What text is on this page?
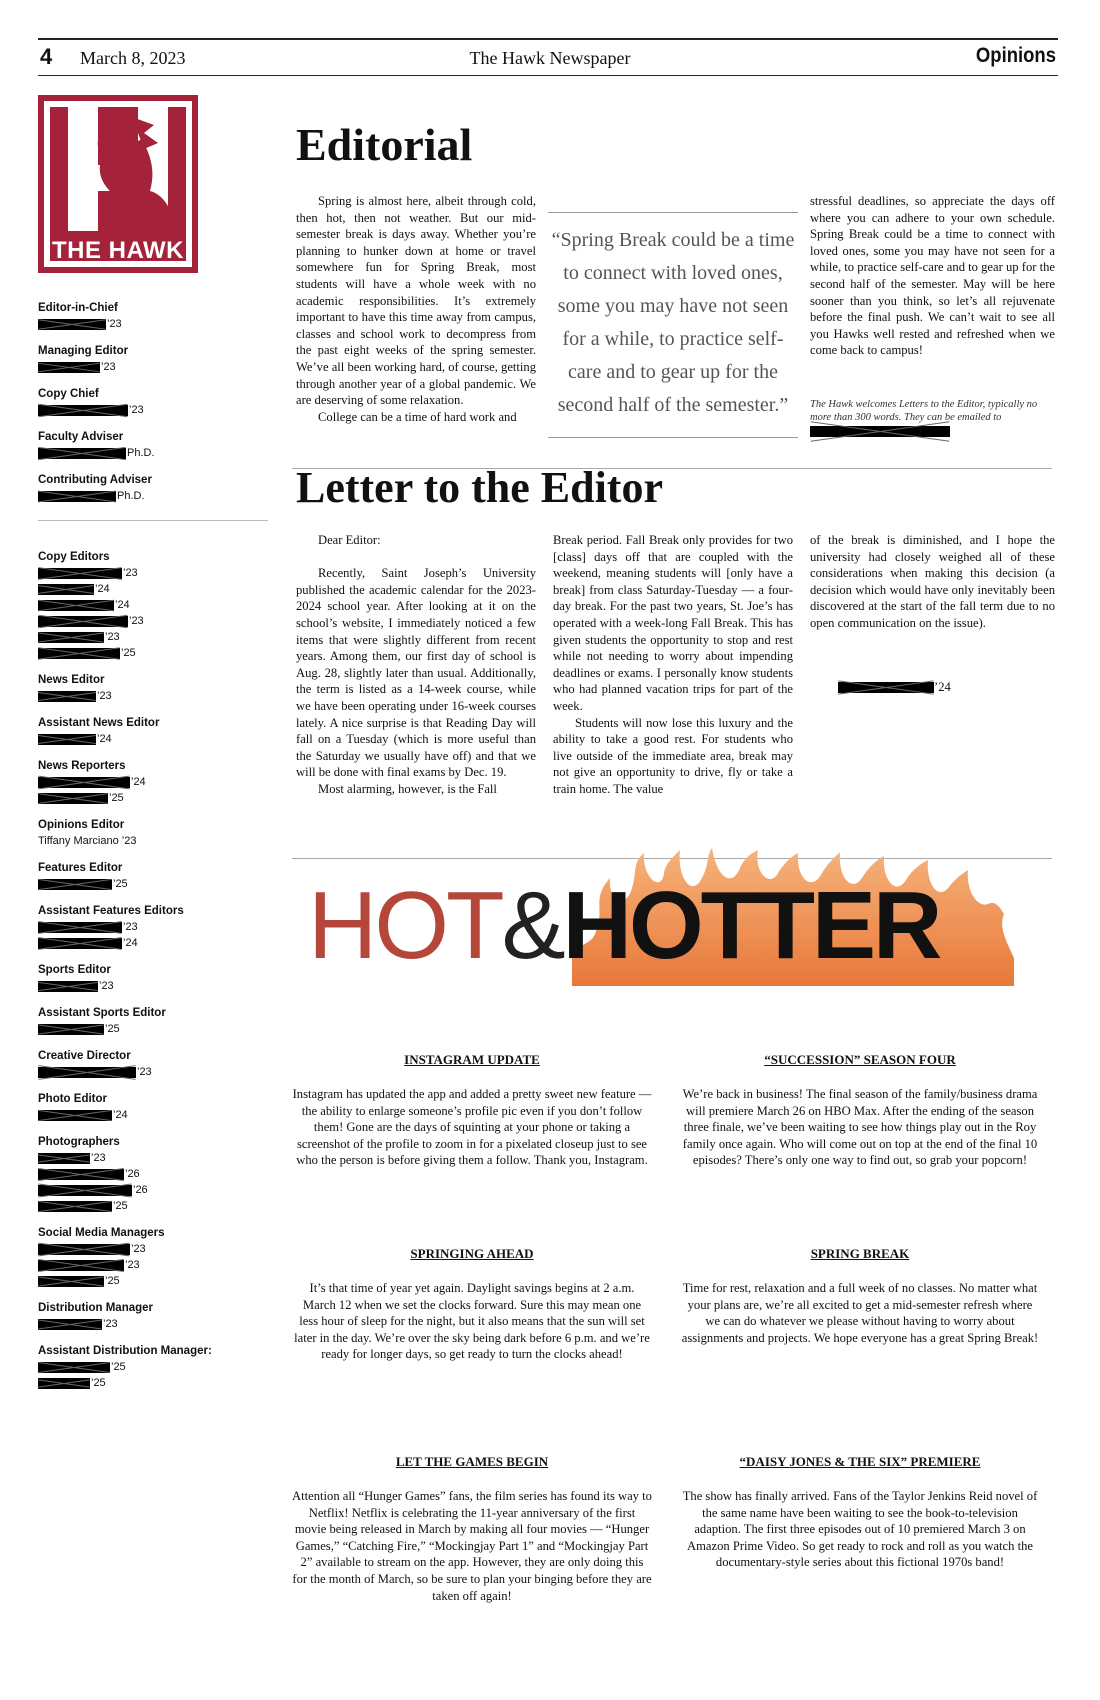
4 March 8, 2023	The Hawk Newspaper	Opinions
THE HAWK
Editor-in-Chief
’23
Managing Editor
’23
Copy Chief
’23
Faculty Adviser
Ph.D.
Contributing Adviser
Ph.D.
Copy Editors
’23
’24
’24
’23
’23
’25
News Editor
’23
Assistant News Editor
’24
News Reporters
’24
’25
Opinions Editor
Tiffany Marciano ’23
Features Editor
’25
Assistant Features Editors
’23
’24
Sports Editor
’23
Assistant Sports Editor
’25
Creative Director
’23
Photo Editor
’24
Photographers
’23
’26
’26
’25
Social Media Managers
’23
’23
’25
Distribution Manager
’23
Assistant Distribution Manager:
’25
’25
Editorial

Spring is almost here, albeit through cold, then hot, then not weather. But our mid-semester break is days away. Whether you’re planning to hunker down at home or travel somewhere fun for Spring Break, most students will have a whole week with no academic responsibilities. It’s extremely important to have this time away from campus, classes and school work to decompress from the past eight weeks of the spring semester. We’ve all been working hard, of course, getting through another year of a global pandemic. We are deserving of some relaxation.

College can be a time of hard work and

“Spring Break could be a time to connect with loved ones, some you may have not seen for a while, to practice self-care and to gear up for the second half of the semester.”

stressful deadlines, so appreciate the days off where you can adhere to your own schedule. Spring Break could be a time to connect with loved ones, some you may have not seen for a while, to practice self-care and to gear up for the second half of the semester. May will be here sooner than you think, so let’s all rejuvenate before the final push. We can’t wait to see all you Hawks well rested and refreshed when we come back to campus!

The Hawk welcomes Letters to the Editor, typically no more than 300 words. They can be emailed to
Letter to the Editor
Dear Editor:

Recently, Saint Joseph’s University published the academic calendar for the 2023-2024 school year. After looking at it on the school’s website, I immediately noticed a few items that were slightly different from recent years. Among them, our first day of school is Aug. 28, slightly later than usual. Additionally, the term is listed as a 14-week course, while we have been operating under 16-week courses lately. A nice surprise is that Reading Day will fall on a Tuesday (which is more useful than the Saturday we usually have off) and that we will be done with final exams by Dec. 19.

Most alarming, however, is the Fall

Break period. Fall Break only provides for two [class] days off that are coupled with the weekend, meaning students will [only have a break] from class Saturday-Tuesday — a four-day break. For the past two years, St. Joe’s has operated with a week-long Fall Break. This has given students the opportunity to stop and rest while not needing to worry about impending deadlines or exams. I personally know students who had planned vacation trips for part of the week.

Students will now lose this luxury and the ability to take a good rest. For students who live outside of the immediate area, break may not give an opportunity to drive, fly or take a train home. The value

of the break is diminished, and I hope the university had closely weighed all of these considerations when making this decision (a decision which would have only inevitably been discovered at the start of the fall term due to no open communication on the issue).

’24
HOT&HOTTER
INSTAGRAM UPDATE
Instagram has updated the app and added a pretty sweet new feature — the ability to enlarge someone’s profile pic even if you don’t follow them! Gone are the days of squinting at your phone or taking a screenshot of the profile to zoom in for a pixelated closeup just to see who the person is before giving them a follow. Thank you, Instagram.
“SUCCESSION” SEASON FOUR
We’re back in business! The final season of the family/business drama will premiere March 26 on HBO Max. After the ending of the season three finale, we’ve been waiting to see how things play out in the Roy family once again. Who will come out on top at the end of the final 10 episodes? There’s only one way to find out, so grab your popcorn!
SPRINGING AHEAD
It’s that time of year yet again. Daylight savings begins at 2 a.m. March 12 when we set the clocks forward. Sure this may mean one less hour of sleep for the night, but it also means that the sun will set later in the day. We’re over the sky being dark before 6 p.m. and we’re ready for longer days, so get ready to turn the clocks ahead!
SPRING BREAK
Time for rest, relaxation and a full week of no classes. No matter what your plans are, we’re all excited to get a mid-semester refresh where we can do whatever we please without having to worry about assignments and projects. We hope everyone has a great Spring Break!
LET THE GAMES BEGIN
Attention all “Hunger Games” fans, the film series has found its way to Netflix! Netflix is celebrating the 11-year anniversary of the first movie being released in March by making all four movies — “Hunger Games,” “Catching Fire,” “Mockingjay Part 1” and “Mockingjay Part 2” available to stream on the app. However, they are only doing this for the month of March, so be sure to plan your binging before they are taken off again!
“DAISY JONES & THE SIX” PREMIERE
The show has finally arrived. Fans of the Taylor Jenkins Reid novel of the same name have been waiting to see the book-to-television adaption. The first three episodes out of 10 premiered March 3 on Amazon Prime Video. So get ready to rock and roll as you watch the documentary-style series about this fictional 1970s band!
